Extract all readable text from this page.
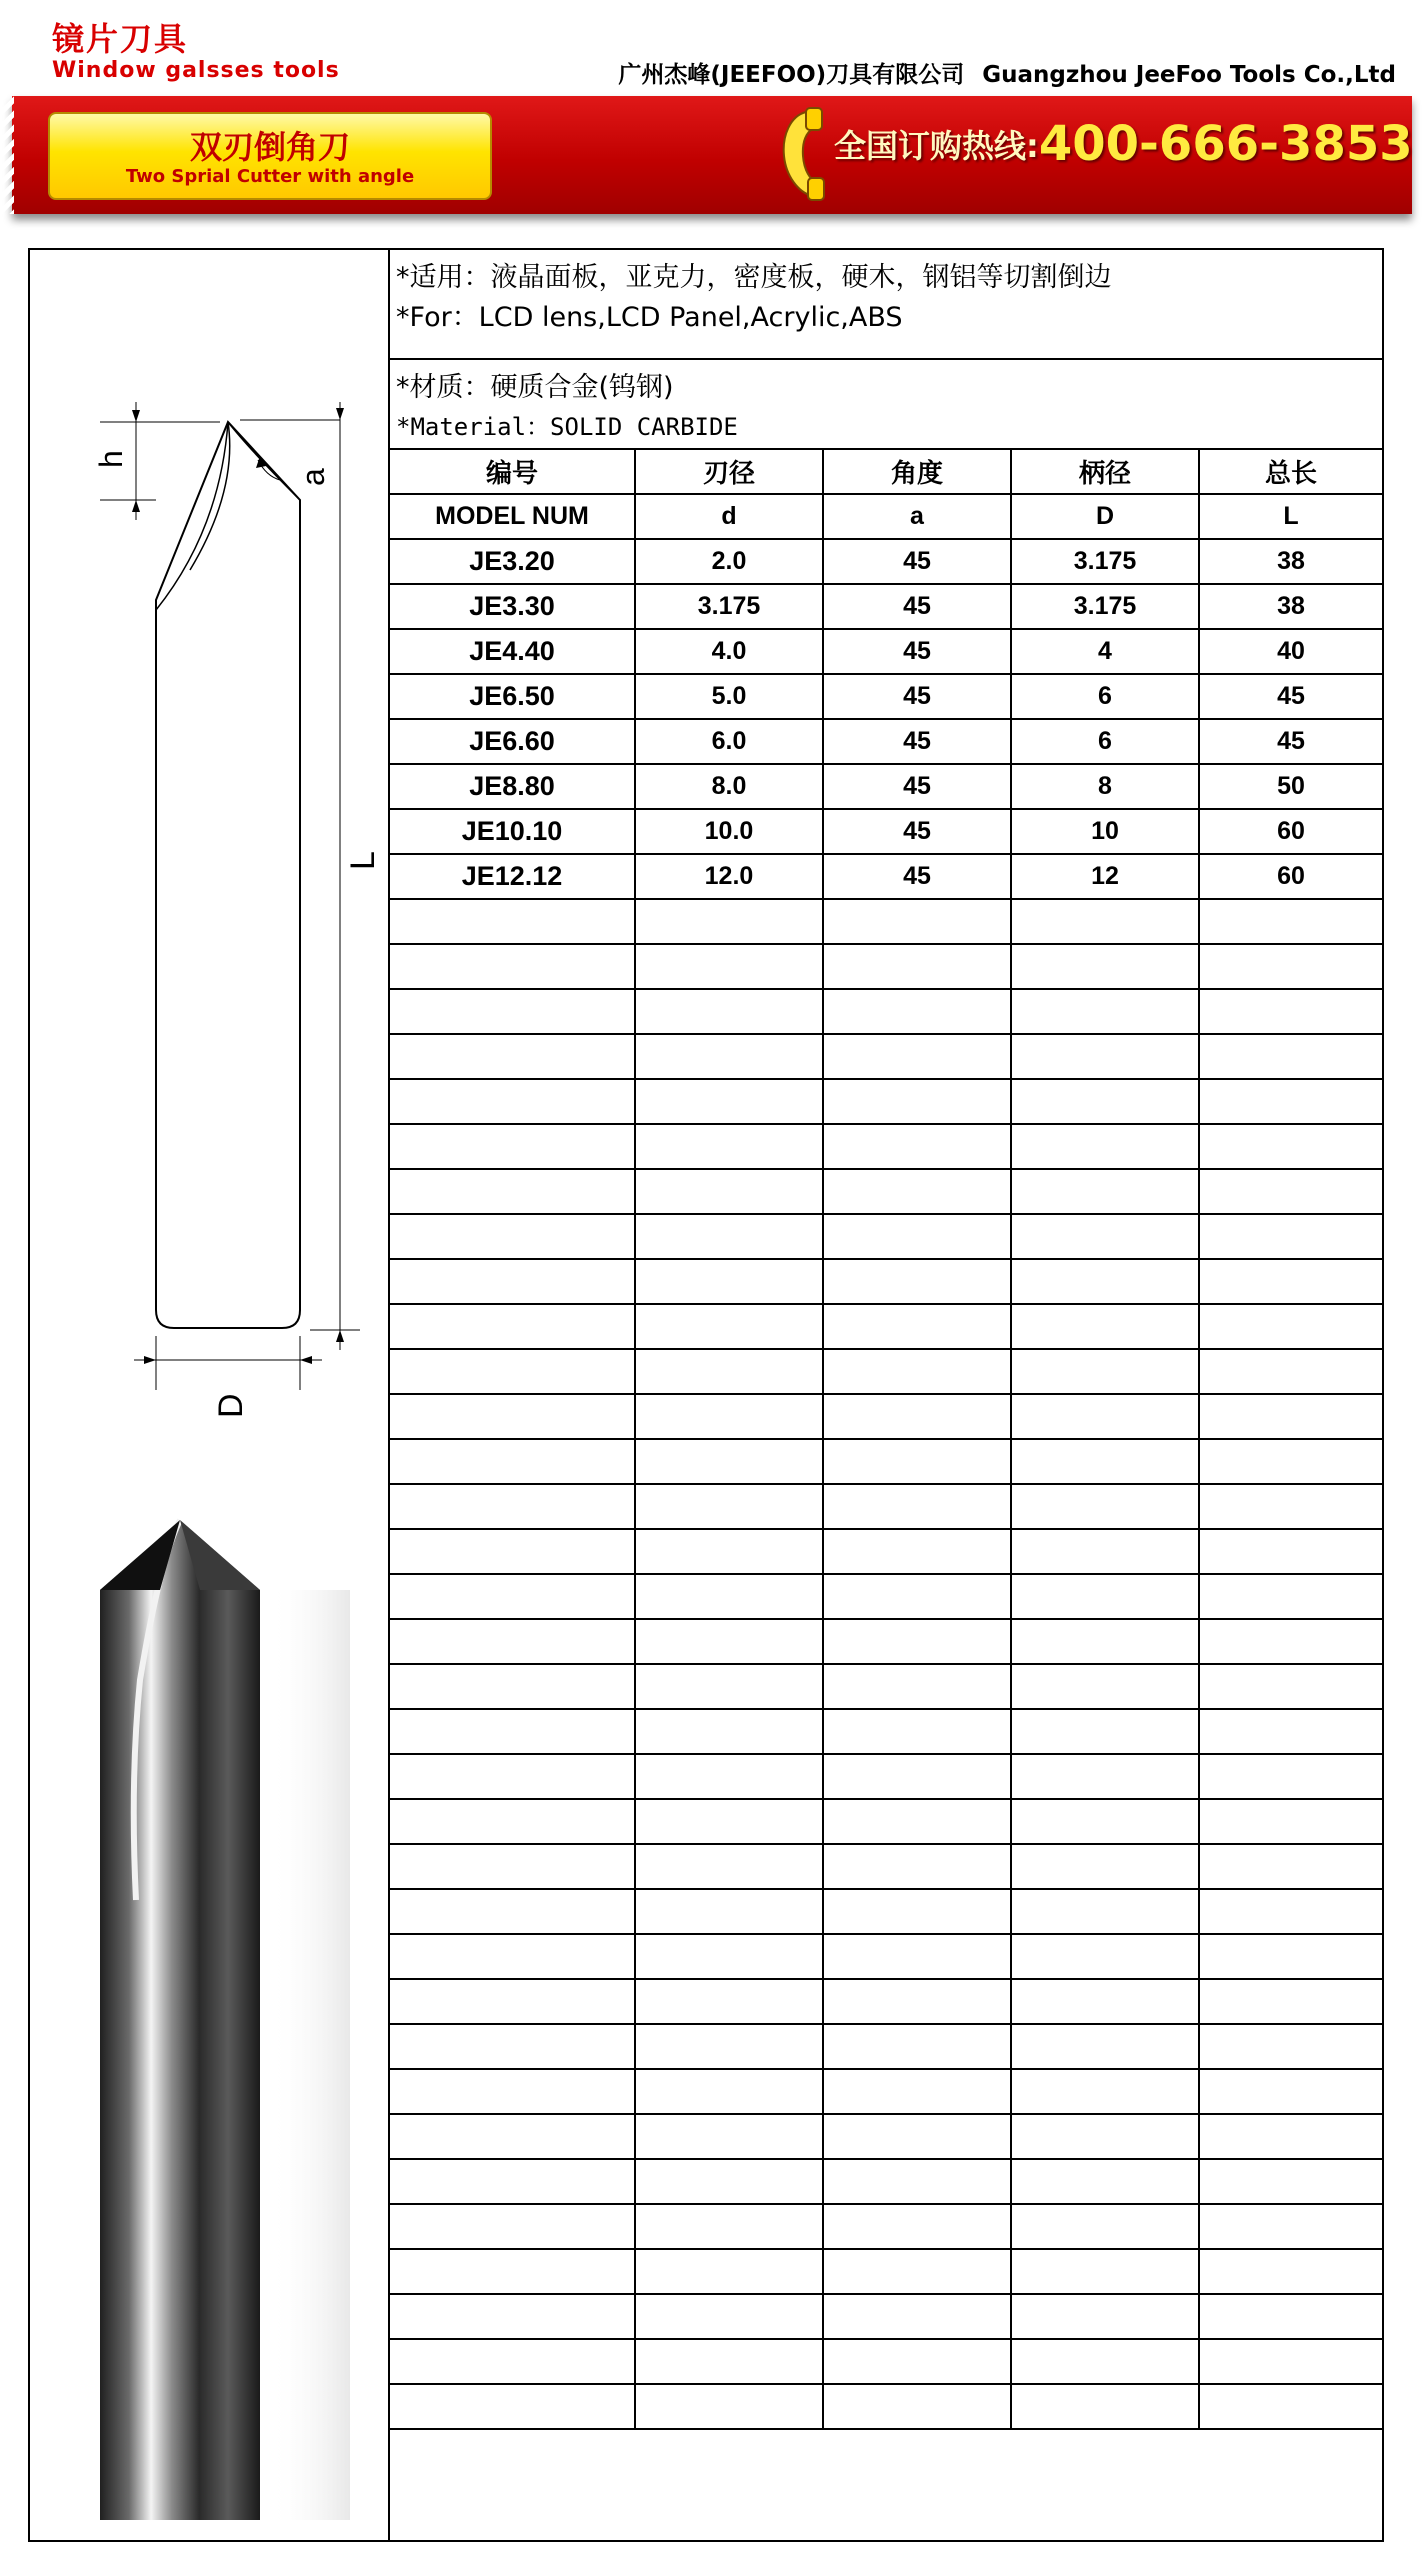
镜片刀具
Window galsses tools	广州杰峰(JEEFOO)刀具有限公司 Guangzhou JeeFoo Tools Co.,Ltd
双刃倒角刀
Two Sprial Cutter with angle
全国订购热线:400-666-3853
h
a
L
D
*适用：液晶面板，亚克力，密度板，硬木，钢铝等切割倒边
*For：LCD lens,LCD Panel,Acrylic,ABS
*材质：硬质合金(钨钢)
*Material：SOLID CARBIDE
编号	刃径	角度	柄径	总长
MODEL NUM	d	a	D	L
JE3.20	2.0	45	3.175	38
JE3.30	3.175	45	3.175	38
JE4.40	4.0	45	4	40
JE6.50	5.0	45	6	45
JE6.60	6.0	45	6	45
JE8.80	8.0	45	8	50
JE10.10	10.0	45	10	60
JE12.12	12.0	45	12	60
